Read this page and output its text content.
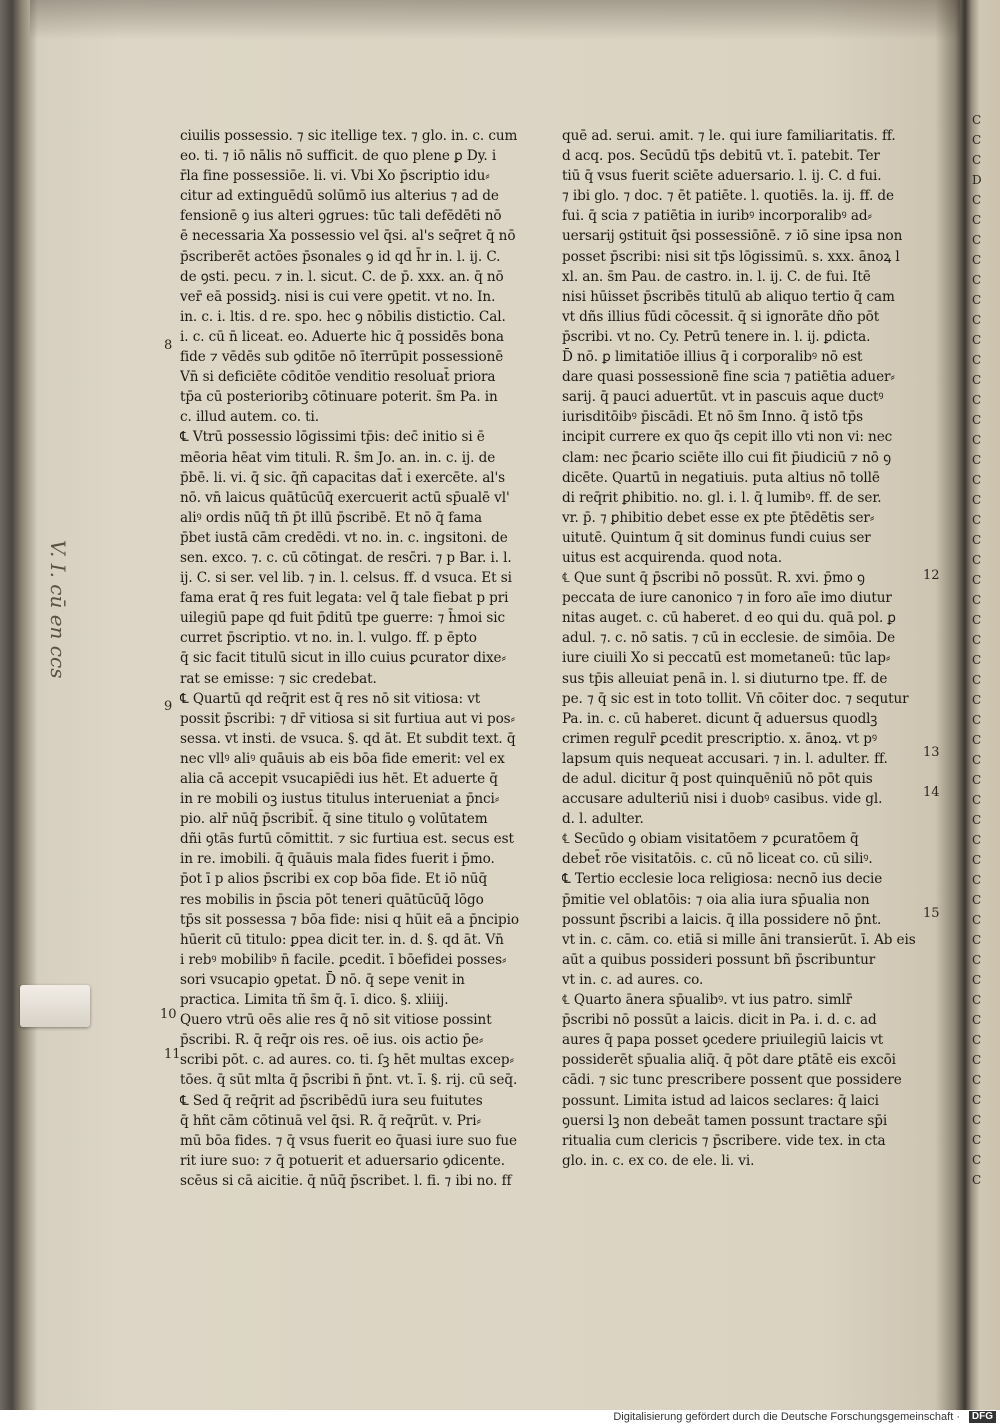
ciuilis possessio. ⁊ sic itellige tex. ⁊ glo. in. c. cum
eo. ti. ⁊ iō nālis nō sufficit. de quo plene ꝑ Dy. i
r̄la fine possessiōe. li. vi. Vbi Xo p̄scriptio idu⸗
citur ad extinguēdū solūmō ius alterius ⁊ ad de
fensionē ꝯ ius alteri ꝯgrues: tūc tali defēdēti nō
ē necessaria Xa possessio vel q̄si. al's seq̄ret q̄ nō
p̄scriberēt actōes p̄sonales ꝯ id qd h̄r in. l. ij. C.
de ꝯsti. pecu. ⁊ in. l. sicut. C. de p̄. xxx. an. q̄ nō
ver̄ eā possidꝫ. nisi is cui vere ꝯpetit. vt no. In.
in. c. i. ltis. d re. spo. hec ꝯ nōbilis distictio. Cal.
i. c. cū n̄ liceat. eo. Aduerte hic q̄ possidēs bona
fide ⁊ vēdēs sub ꝯditōe nō īterrūpit possessionē
Vn̄ si deficiēte cōditōe venditio resoluat̄ priora
tp̄a cū posterioribꝫ cōtinuare poterit. s̄m Pa. in
c. illud autem. co. ti.
℄ Vtrū possessio lōgissimi tp̄is: dec̄ initio si ē
mēoria hēat vim tituli. R. s̄m Jo. an. in. c. ij. de
p̄bē. li. vi. q̄ sic. q̄ñ capacitas dat̄ i exercēte. al's
nō. vn̄ laicus quātūcūq̄ exercuerit actū sp̄ualē vl'
aliꝰ ordis nūq̄ tñ p̄t illū p̄scribē. Et nō q̄ fama
p̄bet iustā cām credēdi. vt no. in. c. ingsitoni. de
sen. exco. ⁊. c. cū cōtingat. de resc̄ri. ⁊ p Bar. i. l.
ij. C. si ser. vel lib. ⁊ in. l. celsus. ff. d vsuca. Et si
fama erat q̄ res fuit legata: vel q̄ tale fiebat p pri
uilegiū pape qd fuit p̄ditū tpe guerre: ⁊ h̄moi sic
curret p̄scriptio. vt no. in. l. vulgo. ff. p ēpto
q̄ sic facit titulū sicut in illo cuius ꝑcurator dixe⸗
rat se emisse: ⁊ sic credebat.
℄ Quartū qd req̄rit est q̄ res nō sit vitiosa: vt
possit p̄scribi: ⁊ dr̄ vitiosa si sit furtiua aut vi pos⸗
sessa. vt insti. de vsuca. §. qd āt. Et subdit text. q̄
nec vllꝰ aliꝰ quāuis ab eis bōa fide emerit: vel ex
alia cā accepit vsucapiēdi ius hēt. Et aduerte q̄
in re mobili oꝫ iustus titulus interueniat a p̄nci⸗
pio. alr̄ nūq̄ p̄scribit̄. q̄ sine titulo ꝯ volūtatem
dñi ꝯtās furtū cōmittit. ⁊ sic furtiua est. secus est
in re. imobili. q̄ q̄uāuis mala fides fuerit i p̄mo.
p̄ot ī p alios p̄scribi ex cop bōa fide. Et iō nūq̄
res mobilis in p̄scia pōt teneri quātūcūq̄ lōgo
tp̄s sit possessa ⁊ bōa fide: nisi q hūit eā a p̄ncipio
hūerit cū titulo: ꝑpea dicit ter. in. d. §. qd āt. Vn̄
i rebꝰ mobilibꝰ n̄ facile. ꝑcedit. ī bōefidei posses⸗
sori vsucapio ꝯpetat. D̄ nō. q̄ sepe venit in
practica. Limita tñ s̄m q̄. ī. dico. §. xliiij.
Quero vtrū oēs alie res q̄ nō sit vitiose possint
p̄scribi. R. q̄ req̄r ois res. oē ius. ois actio p̄e⸗
scribi pōt. c. ad aures. co. ti. ſꝫ hēt multas excep⸗
tōes. q̄ sūt mlta q̄ p̄scribi n̄ p̄nt. vt. ī. §. rij. cū seq̄.
℄ Sed q̄ req̄rit ad p̄scribēdū iura seu fuitutes
q̄ hñt cām cōtinuā vel q̄si. R. q̄ req̄rūt. v. Pri⸗
mū bōa fides. ⁊ q̄ vsus fuerit eo q̄uasi iure suo fue
rit iure suo: ⁊ q̄ potuerit et aduersario ꝯdicente.
scēus si cā aicitie. q̄ nūq̄ p̄scribet. l. fi. ⁊ ibi no. ff
quē ad. serui. amit. ⁊ le. qui iure familiaritatis. ff.
d acq. pos. Secūdū tp̄s debitū vt. ī. patebit. Ter
tiū q̄ vsus fuerit sciēte aduersario. l. ij. C. d fui.
⁊ ibi glo. ⁊ doc. ⁊ ēt patiēte. l. quotiēs. la. ij. ff. de
fui. q̄ scia ⁊ patiētia in iuribꝰ incorporalibꝰ ad⸗
uersarij ꝯstituit q̄si possessiōnē. ⁊ iō sine ipsa non
posset p̄scribi: nisi sit tp̄s lōgissimū. s. xxx. ānoꝝ l
xl. an. s̄m Pau. de castro. in. l. ij. C. de fui. Itē
nisi hūisset p̄scribēs titulū ab aliquo tertio q̄ cam
vt dñs illius fūdi cōcessit. q̄ si ignorāte dño pōt
p̄scribi. vt no. Cy. Petrū tenere in. l. ij. ꝑdicta.
D̄ nō. ꝑ limitatiōe illius q̄ i corporalibꝰ nō est
dare quasi possessionē fine scia ⁊ patiētia aduer⸗
sarij. q̄ pauci aduertūt. vt in pascuis aque ductꝰ
iurisditōibꝰ p̄iscādi. Et nō s̄m Inno. q̄ istō tp̄s
incipit currere ex quo q̄s cepit illo vti non vi: nec
clam: nec p̄cario sciēte illo cui fit p̄iudiciū ⁊ nō ꝯ
dicēte. Quartū in negatiuis. puta altius nō tollē
di req̄rit ꝑhibitio. no. gl. i. l. q̄ lumibꝰ. ff. de ser.
vr. p̄. ⁊ ꝑhibitio debet esse ex pte p̄tēdētis ser⸗
uitutē. Quintum q̄ sit dominus fundi cuius ser
uitus est acquirenda. quod nota.
℄ Que sunt q̄ p̄scribi nō possūt. R. xvi. p̄mo ꝯ
peccata de iure canonico ⁊ in foro aīe imo diutur
nitas auget. c. cū haberet. d eo qui du. quā pol. ꝑ
adul. ⁊. c. nō satis. ⁊ cū in ecclesie. de simōia. De
iure ciuili Xo si peccatū est mometaneū: tūc lap⸗
sus tp̄is alleuiat penā in. l. si diuturno tpe. ff. de
pe. ⁊ q̄ sic est in toto tollit. Vn̄ cōiter doc. ⁊ sequtur
Pa. in. c. cū haberet. dicunt q̄ aduersus quodlꝫ
crimen regulr̄ ꝑcedit prescriptio. x. ānoꝝ. vt pꝰ
lapsum quis nequeat accusari. ⁊ in. l. adulter. ff.
de adul. dicitur q̄ post quinquēniū nō pōt quis
accusare adulteriū nisi i duobꝰ casibus. vide gl.
d. l. adulter.
℄ Secūdo ꝯ obiam visitatōem ⁊ ꝑcuratōem q̄
debet̄ rōe visitatōis. c. cū nō liceat co. cū siliꝰ.
℄ Tertio ecclesie loca religiosa: necnō ius decie
p̄mitie vel oblatōis: ⁊ oia alia iura sp̄ualia non
possunt p̄scribi a laicis. q̄ illa possidere nō p̄nt.
vt in. c. cām. co. etiā si mille āni transierūt. ī. Ab eis
aūt a quibus possideri possunt bñ p̄scribuntur
vt in. c. ad aures. co.
℄ Quarto ānera sp̄ualibꝰ. vt ius patro. simlr̄
p̄scribi nō possūt a laicis. dicit in Pa. i. d. c. ad
aures q̄ papa posset ꝯcedere priuilegiū laicis vt
possiderēt sp̄ualia aliq̄. q̄ pōt dare ꝑtātē eis excōi
cādi. ⁊ sic tunc prescribere possent que possidere
possunt. Limita istud ad laicos seclares: q̄ laici
ꝯuersi lꝫ non debeāt tamen possunt tractare sp̄i
ritualia cum clericis ⁊ p̄scribere. vide tex. in cta
glo. in. c. ex co. de ele. li. vi.
8
9
10
11
12
13
14
15
V. I. cū en ccs
C
C
C
D
C
C
C
C
C
C
C
C
C
C
C
C
C
C
C
C
C
C
C
C
C
C
C
C
C
C
C
C
C
C
C
C
C
C
C
C
C
C
C
C
C
C
C
C
C
C
C
C
C
C
Digitalisierung gefördert durch die Deutsche Forschungsgemeinschaft ·	DFG
